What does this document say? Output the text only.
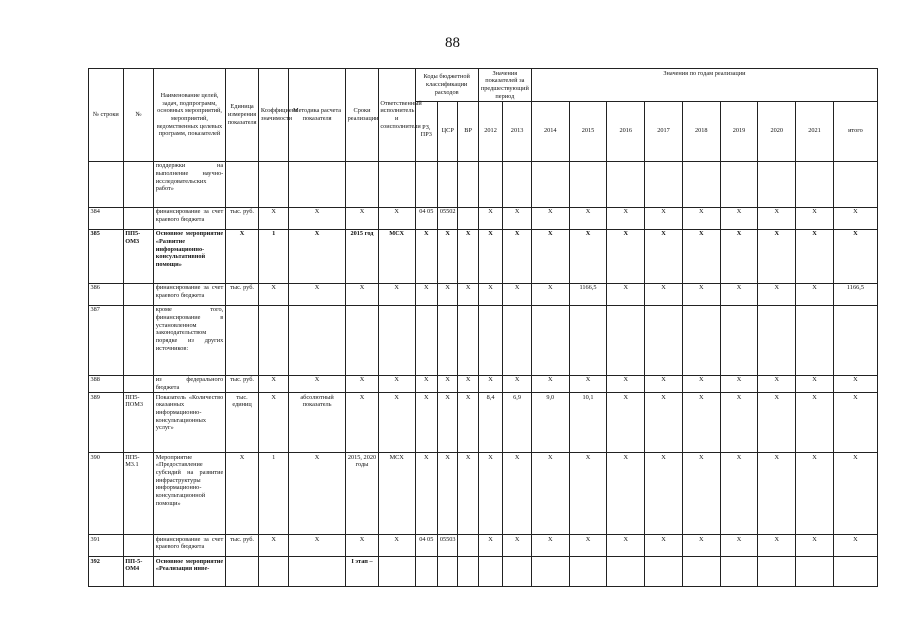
88
№ строки	№	Наименование целей, задач, подпрограмм, основных мероприятий, мероприятий, ведомственных целевых программ, показателей	Единица измерения показателя	Коэффициент значимости	Методика расчета показателя	Сроки реализации	Ответственный исполнитель и соисполнители	Коды бюджетной классификации расходов			Значения показателей за предшествующий период		Значения по годам реализации								
								РЗ, ПР3	ЦСР	ВР	2012	2013	2014	2015	2016	2017	2018	2019	2020	2021	итого
		поддержки на выполнение научно-исследовательских работ»																			
384		финансирование за счет краевого бюджета	тыс. руб.	X	X	X	X	04 05	05502		X	X	X	X	X	X	X	X	X	X	X
385	ПП5-ОМ3	Основное мероприятие «Развитие информационно-консультативной помощи»	X	1	X	2015 год	МСХ	X	X	X	X	X	X	X	X	X	X	X	X	X	X
386		финансирование за счет краевого бюджета	тыс. руб.	X	X	X	X	X	X	X	X	X	X	1166,5	X	X	X	X	X	X	1166,5
387		кроме того, финансирование в установленном законодательством порядке из других источников:																			
388		из федерального бюджета	тыс. руб.	X	X	X	X	X	X	X	X	X	X	X	X	X	X	X	X	X	X
389	ПП5-ПОМ3	Показатель «Количество оказанных информационно-консультационных услуг»	тыс. единиц	X	абсолютный показатель	X	X	X	X	X	8,4	6,9	9,0	10,1	X	X	X	X	X	X	X
390	ПП5-М3.1	Мероприятие «Предоставление субсидий на развитие инфраструктуры информационно-консультационной помощи»	X	1	X	2015, 2020 годы	МСХ	X	X	X	X	X	X	X	X	X	X	X	X	X	X
391		финансирование за счет краевого бюджета	тыс. руб.	X	X	X	X	04 05	05503		X	X	X	X	X	X	X	X	X	X	X
392	ПП-5-ОМ4	Основное мероприятие «Реализация инве-				I этап –															
